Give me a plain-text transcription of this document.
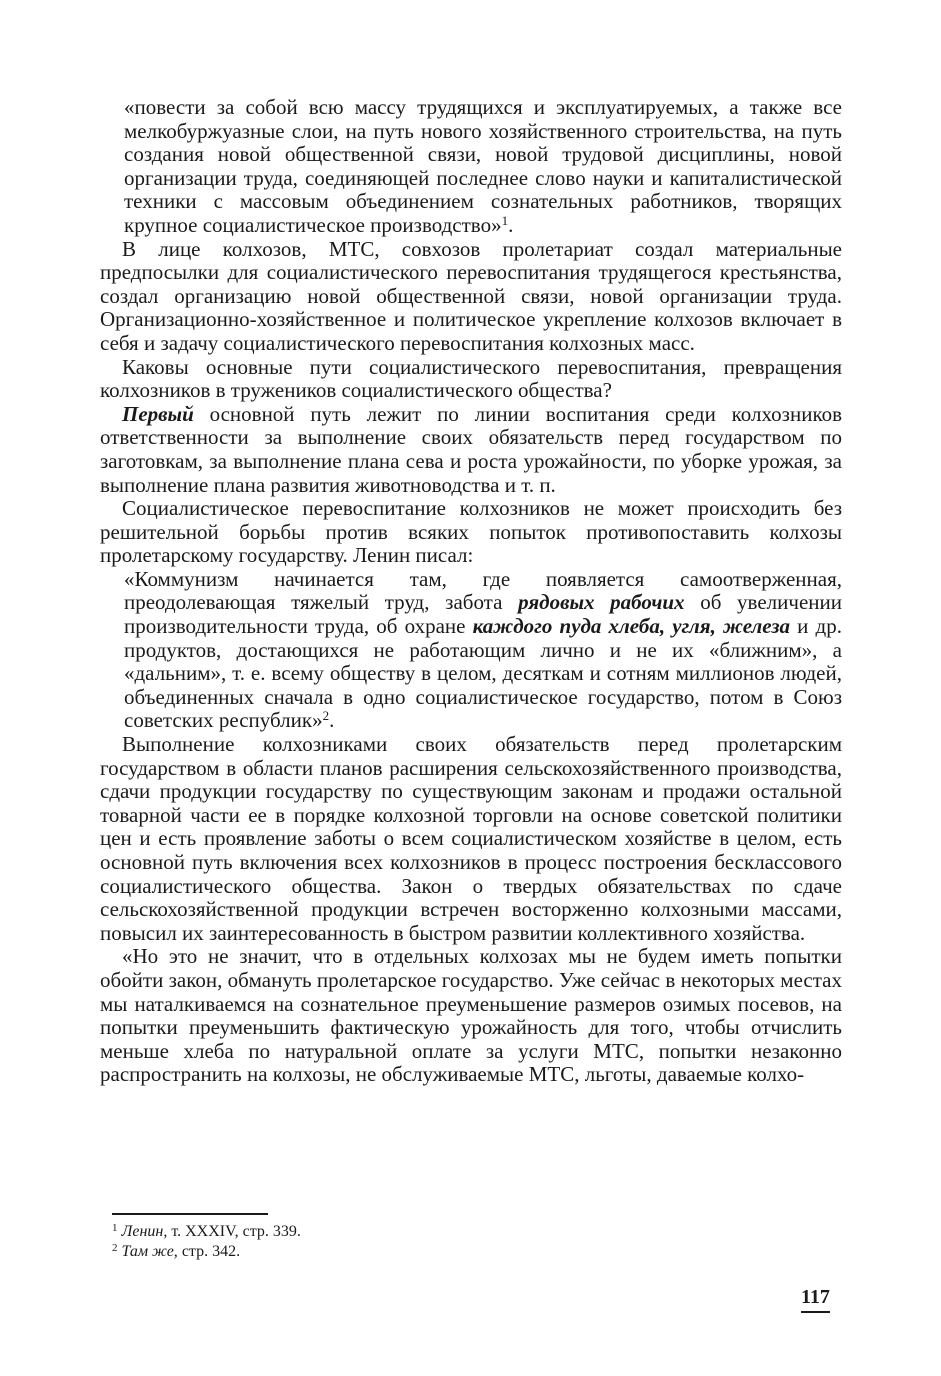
«повести за собой всю массу трудящихся и эксплуатируемых, а также все мелкобуржуазные слои, на путь нового хозяйственного строительства, на путь создания новой общественной связи, новой трудовой дисциплины, новой организации труда, соединяющей последнее слово науки и капиталистической техники с массовым объединением сознательных работников, творящих крупное социалистическое производство»$^1$.

В лице колхозов, МТС, совхозов пролетариат создал материальные предпосылки для социалистического перевоспитания трудящегося крестьянства, создал организацию новой общественной связи, новой организации труда. Организационно-хозяйственное и политическое укрепление колхозов включает в себя и задачу социалистического перевоспитания колхозных масс.

Каковы основные пути социалистического перевоспитания, превращения колхозников в тружеников социалистического общества?

Первый основной путь лежит по линии воспитания среди колхозников ответственности за выполнение своих обязательств перед государством по заготовкам, за выполнение плана сева и роста урожайности, по уборке урожая, за выполнение плана развития животноводства и т. п.

Социалистическое перевоспитание колхозников не может происходить без решительной борьбы против всяких попыток противопоставить колхозы пролетарскому государству. Ленин писал:

«Коммунизм начинается там, где появляется самоотверженная, преодолевающая тяжелый труд, забота рядовых рабочих об увеличении производительности труда, об охране каждого пуда хлеба, угля, железа и др. продуктов, достающихся не работающим лично и не их «ближним», а «дальним», т. е. всему обществу в целом, десяткам и сотням миллионов людей, объединенных сначала в одно социалистическое государство, потом в Союз советских республик»$^2$.

Выполнение колхозниками своих обязательств перед пролетарским государством в области планов расширения сельскохозяйственного производства, сдачи продукции государству по существующим законам и продажи остальной товарной части ее в порядке колхозной торговли на основе советской политики цен и есть проявление заботы о всем социалистическом хозяйстве в целом, есть основной путь включения всех колхозников в процесс построения бесклассового социалистического общества. Закон о твердых обязательствах по сдаче сельскохозяйственной продукции встречен восторженно колхозными массами, повысил их заинтересованность в быстром развитии коллективного хозяйства.

«Но это не значит, что в отдельных колхозах мы не будем иметь попытки обойти закон, обмануть пролетарское государство. Уже сейчас в некоторых местах мы наталкиваемся на сознательное преуменьшение размеров озимых посевов, на попытки преуменьшить фактическую урожайность для того, чтобы отчислить меньше хлеба по натуральной оплате за услуги МТС, попытки незаконно распространить на колхозы, не обслуживаемые МТС, льготы, даваемые колхо-

$^1$ Ленин, т. XXXIV, стр. 339.

$^2$ Там же, стр. 342.

117
